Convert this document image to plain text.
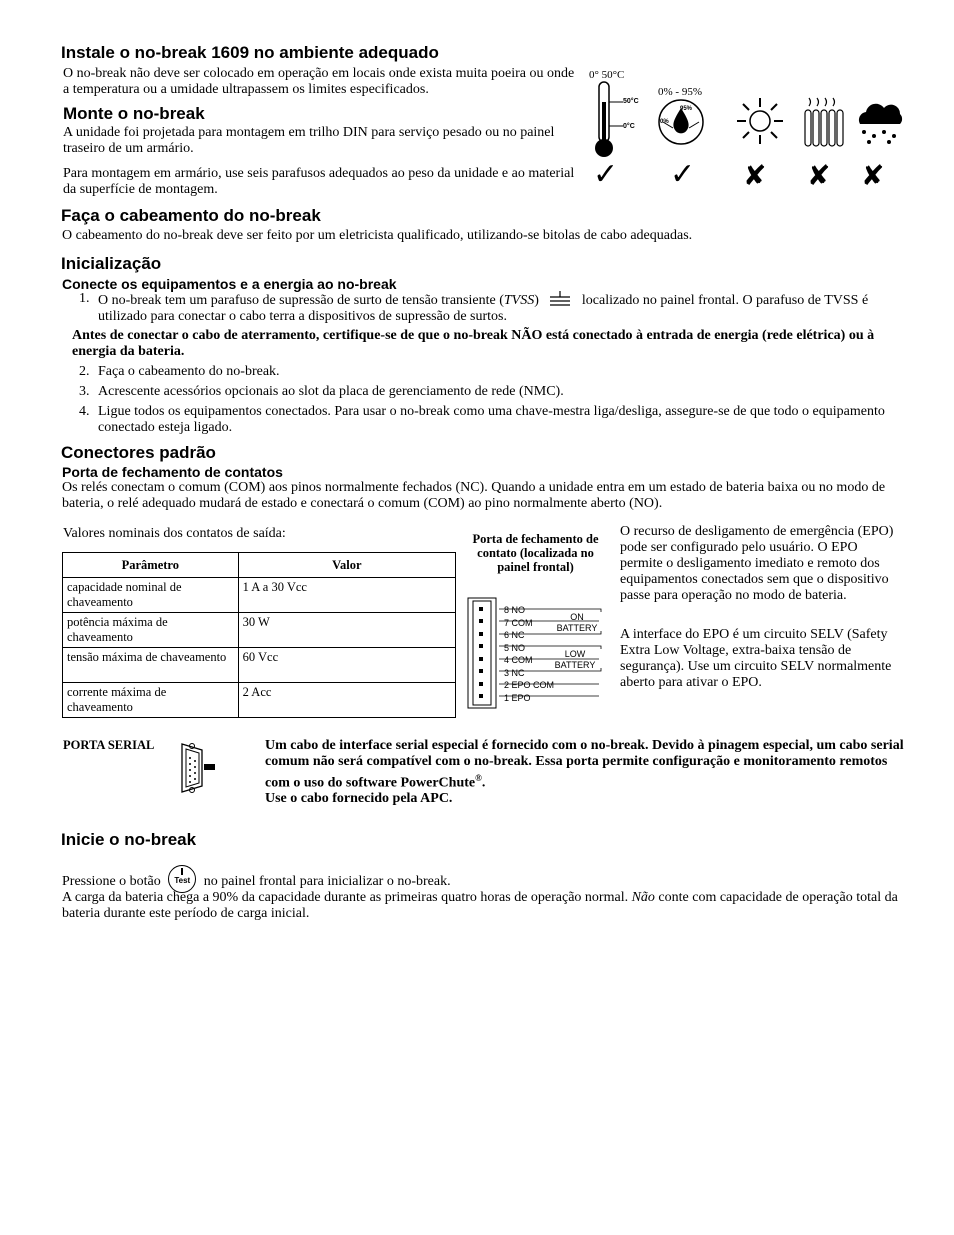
Instale o no-break 1609 no ambiente adequado
O no-break não deve ser colocado em operação em locais onde exista muita poeira ou onde a temperatura ou a umidade ultrapassem os limites especificados.
Monte o no-break
A unidade foi projetada para montagem em trilho DIN para serviço pesado ou no painel traseiro de um armário.
Para montagem em armário, use seis parafusos adequados ao peso da unidade e ao material da superfície de montagem.
0° 50°C
50°C
0°C
0% - 95%
95%
0%
✓ ✓ ✘ ✘ ✘
Faça o cabeamento do no-break
O cabeamento do no-break deve ser feito por um eletricista qualificado, utilizando-se bitolas de cabo adequadas.
Inicialização
Conecte os equipamentos e a energia ao no-break
1. O no-break tem um parafuso de supressão de surto de tensão transiente (TVSS)	localizado no painel frontal. O parafuso de TVSS é utilizado para conectar o cabo terra a dispositivos de supressão de surtos.
Antes de conectar o cabo de aterramento, certifique-se de que o no-break NÃO está conectado à entrada de energia (rede elétrica) ou à energia da bateria.
2. Faça o cabeamento do no-break.
3. Acrescente acessórios opcionais ao slot da placa de gerenciamento de rede (NMC).
4. Ligue todos os equipamentos conectados. Para usar o no-break como uma chave-mestra liga/desliga, assegure-se de que todo o equipamento conectado esteja ligado.
Conectores padrão
Porta de fechamento de contatos
Os relés conectam o comum (COM) aos pinos normalmente fechados (NC). Quando a unidade entra em um estado de bateria baixa ou no modo de bateria, o relé adequado mudará de estado e conectará o comum (COM) ao pino normalmente aberto (NO).
Valores nominais dos contatos de saída:
Parâmetro	Valor
capacidade nominal de chaveamento	1 A a 30 Vcc
potência máxima de chaveamento	30 W
tensão máxima de chaveamento	60 Vcc
corrente máxima de chaveamento	2 Acc
Porta de fechamento de contato (localizada no painel frontal)
8 NO
7 COM
6 NC
5 NO
4 COM
3 NC
2 EPO COM
1 EPO
ON
BATTERY
LOW
BATTERY
O recurso de desligamento de emergência (EPO) pode ser configurado pelo usuário. O EPO permite o desligamento imediato e remoto dos equipamentos conectados sem que o dispositivo passe para operação no modo de bateria.
A interface do EPO é um circuito SELV (Safety Extra Low Voltage, extra-baixa tensão de segurança). Use um circuito SELV normalmente aberto para ativar o EPO.
PORTA SERIAL	Um cabo de interface serial especial é fornecido com o no-break. Devido à pinagem especial, um cabo serial comum não será compatível com o no-break. Essa porta permite configuração e monitoramento remotos com o uso do software PowerChute®.
Use o cabo fornecido pela APC.
Inicie o no-break
Pressione o botão	Test no painel frontal para inicializar o no-break.
A carga da bateria chega a 90% da capacidade durante as primeiras quatro horas de operação normal. Não conte com capacidade de operação total da bateria durante este período de carga inicial.
